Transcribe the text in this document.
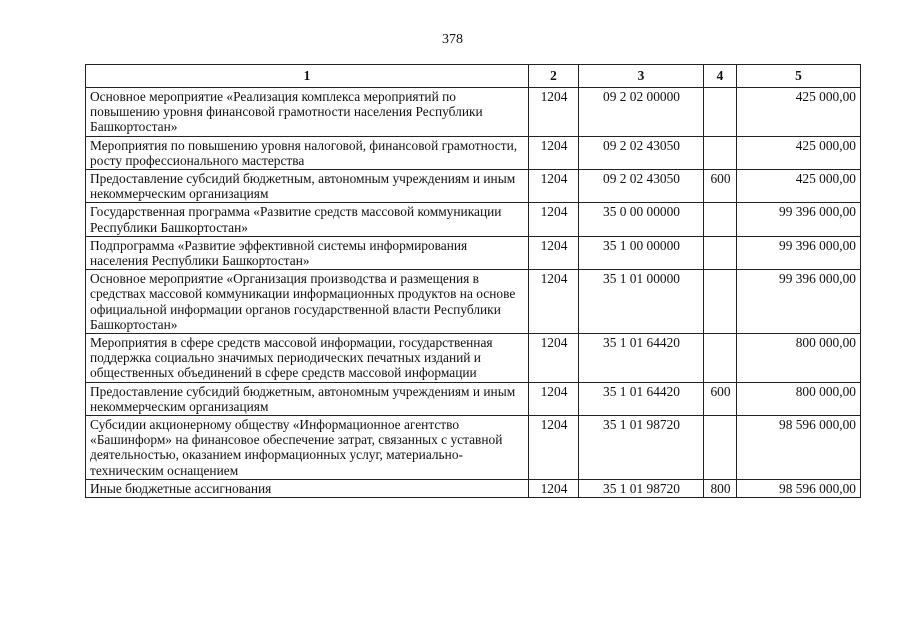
378
1	2	3	4	5
Основное мероприятие «Реализация комплекса мероприятий по повышению уровня финансовой грамотности населения Республики Башкортостан»	1204	09 2 02 00000		425 000,00
Мероприятия по повышению уровня налоговой, финансовой грамотности, росту профессионального мастерства	1204	09 2 02 43050		425 000,00
Предоставление субсидий бюджетным, автономным учреждениям и иным некоммерческим организациям	1204	09 2 02 43050	600	425 000,00
Государственная программа «Развитие средств массовой коммуникации Республики Башкортостан»	1204	35 0 00 00000		99 396 000,00
Подпрограмма «Развитие эффективной системы информирования населения Республики Башкортостан»	1204	35 1 00 00000		99 396 000,00
Основное мероприятие «Организация производства и размещения в средствах массовой коммуникации информационных продуктов на основе официальной информации органов государственной власти Республики Башкортостан»	1204	35 1 01 00000		99 396 000,00
Мероприятия в сфере средств массовой информации, государственная поддержка социально значимых периодических печатных изданий и общественных объединений в сфере средств массовой информации	1204	35 1 01 64420		800 000,00
Предоставление субсидий бюджетным, автономным учреждениям и иным некоммерческим организациям	1204	35 1 01 64420	600	800 000,00
Субсидии акционерному обществу «Информационное агентство «Башинформ» на финансовое обеспечение затрат, связанных с уставной деятельностью, оказанием информационных услуг, материально-техническим оснащением	1204	35 1 01 98720		98 596 000,00
Иные бюджетные ассигнования	1204	35 1 01 98720	800	98 596 000,00
